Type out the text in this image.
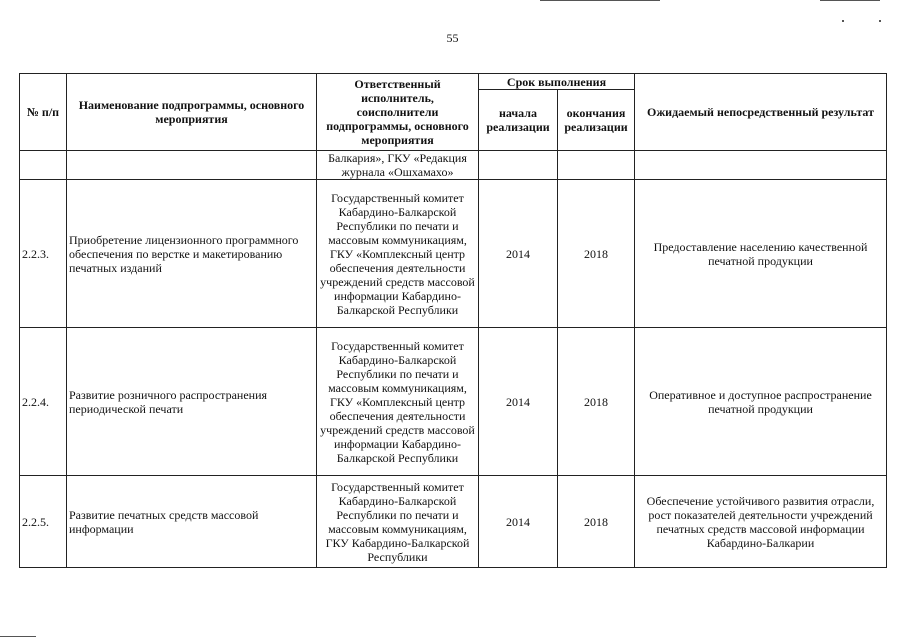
55
№ п/п	Наименование подпрограммы, основного мероприятия	Ответственный исполнитель, соисполнители подпрограммы, основного мероприятия	Срок выполнения		Ожидаемый непосредственный результат
			начала реализации	окончания реализации	
		Балкария», ГКУ «Редакция журнала «Ошхамахо»			
2.2.3.	Приобретение лицензионного программного обеспечения по верстке и макетированию печатных изданий	Государственный комитет Кабардино-Балкарской Республики по печати и массовым коммуникациям, ГКУ «Комплексный центр обеспечения деятельности учреждений средств массовой информации Кабардино-Балкарской Республики	2014	2018	Предоставление населению качественной печатной продукции
2.2.4.	Развитие розничного распространения периодической печати	Государственный комитет Кабардино-Балкарской Республики по печати и массовым коммуникациям, ГКУ «Комплексный центр обеспечения деятельности учреждений средств массовой информации Кабардино-Балкарской Республики	2014	2018	Оперативное и доступное распространение печатной продукции
2.2.5.	Развитие печатных средств массовой информации	Государственный комитет Кабардино-Балкарской Республики по печати и массовым коммуникациям, ГКУ Кабардино-Балкарской Республики	2014	2018	Обеспечение устойчивого развития отрасли, рост показателей деятельности учреждений печатных средств массовой информации Кабардино-Балкарии
